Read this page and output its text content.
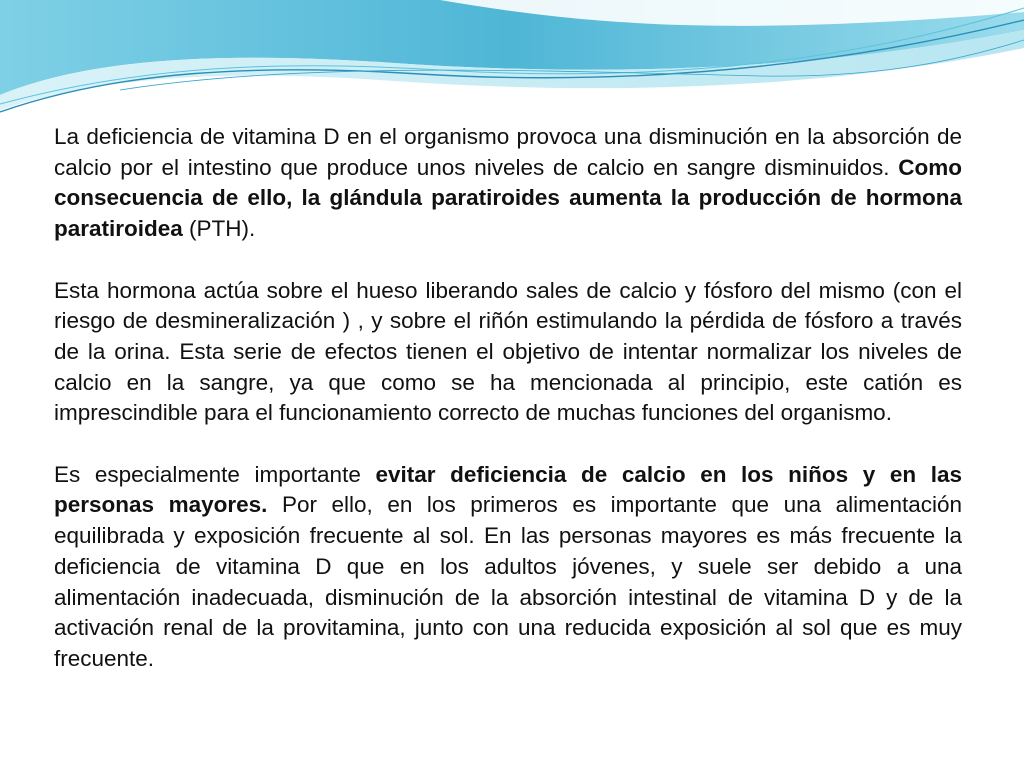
La deficiencia de vitamina D en el organismo provoca una disminución en la absorción de calcio por el intestino que produce unos niveles de calcio en sangre disminuidos. Como consecuencia de ello, la glándula paratiroides aumenta la producción de hormona paratiroidea (PTH).

Esta hormona actúa sobre el hueso liberando sales de calcio y fósforo del mismo (con el riesgo de desmineralización ) , y sobre el riñón estimulando la pérdida de fósforo a través de la orina. Esta serie de efectos tienen el objetivo de intentar normalizar los niveles de calcio en la sangre, ya que como se ha mencionada al principio, este catión es imprescindible para el funcionamiento correcto de muchas funciones del organismo.

Es especialmente importante evitar deficiencia de calcio en los niños y en las personas mayores. Por ello, en los primeros es importante que una alimentación equilibrada y exposición frecuente al sol. En las personas mayores es más frecuente la deficiencia de vitamina D que en los adultos jóvenes, y suele ser debido a una alimentación inadecuada, disminución de la absorción intestinal de vitamina D y de la activación renal de la provitamina, junto con una reducida exposición al sol que es muy frecuente.
